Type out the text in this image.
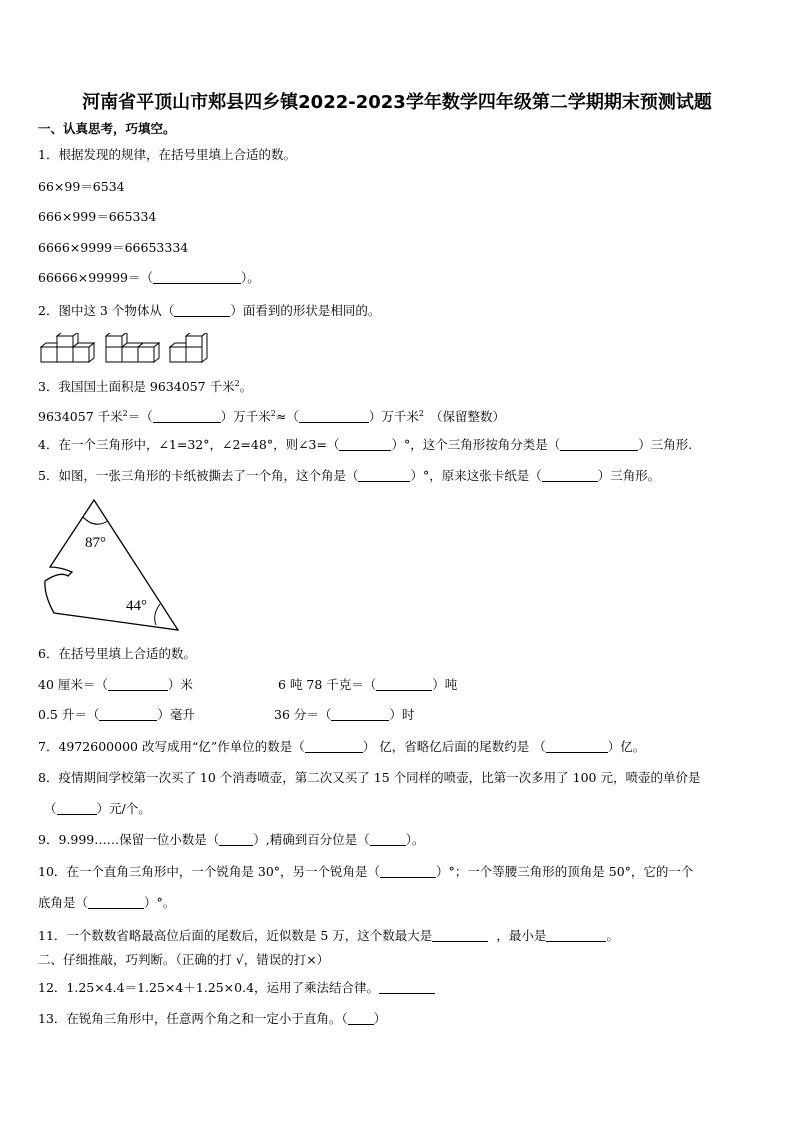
河南省平顶山市郏县四乡镇2022-2023学年数学四年级第二学期期末预测试题
一、认真思考，巧填空。
1．根据发现的规律，在括号里填上合适的数。
66×99＝6534
666×999＝665334
6666×9999＝66653334
66666×99999＝（	）。
2．图中这 3 个物体从（	）面看到的形状是相同的。
3．我国国土面积是 9634057 千米$^2$。
9634057 千米$^2$＝（	）万千米$^2$≈（	）万千米$^2$ （保留整数）
4．在一个三角形中，∠1=32°，∠2=48°，则∠3=（	）°，这个三角形按角分类是（	）三角形.
5．如图，一张三角形的卡纸被撕去了一个角，这个角是（	）°，原来这张卡纸是（	）三角形。
87°
44°
6．在括号里填上合适的数。
40 厘米＝（	）米	6 吨 78 千克＝（	）吨
0.5 升＝（	）毫升	36 分＝（	）时
7．4972600000 改写成用“亿”作单位的数是（	） 亿，省略亿后面的尾数约是 （	）亿。
8．疫情期间学校第一次买了 10 个消毒喷壶，第二次又买了 15 个同样的喷壶，比第一次多用了 100 元，喷壶的单价是
（	）元/个。
9．9.999……保留一位小数是（	）,精确到百分位是（	）。
10．在一个直角三角形中，一个锐角是 30°，另一个锐角是（	）°；一个等腰三角形的顶角是 50°，它的一个
底角是（	）°。
11．一个数数省略最高位后面的尾数后，近似数是 5 万，这个数最大是	，最小是	。
二、仔细推敲，巧判断。（正确的打 √，错误的打×）
12．1.25×4.4＝1.25×4＋1.25×0.4，运用了乘法结合律。
13．在锐角三角形中，任意两个角之和一定小于直角。（ ）
